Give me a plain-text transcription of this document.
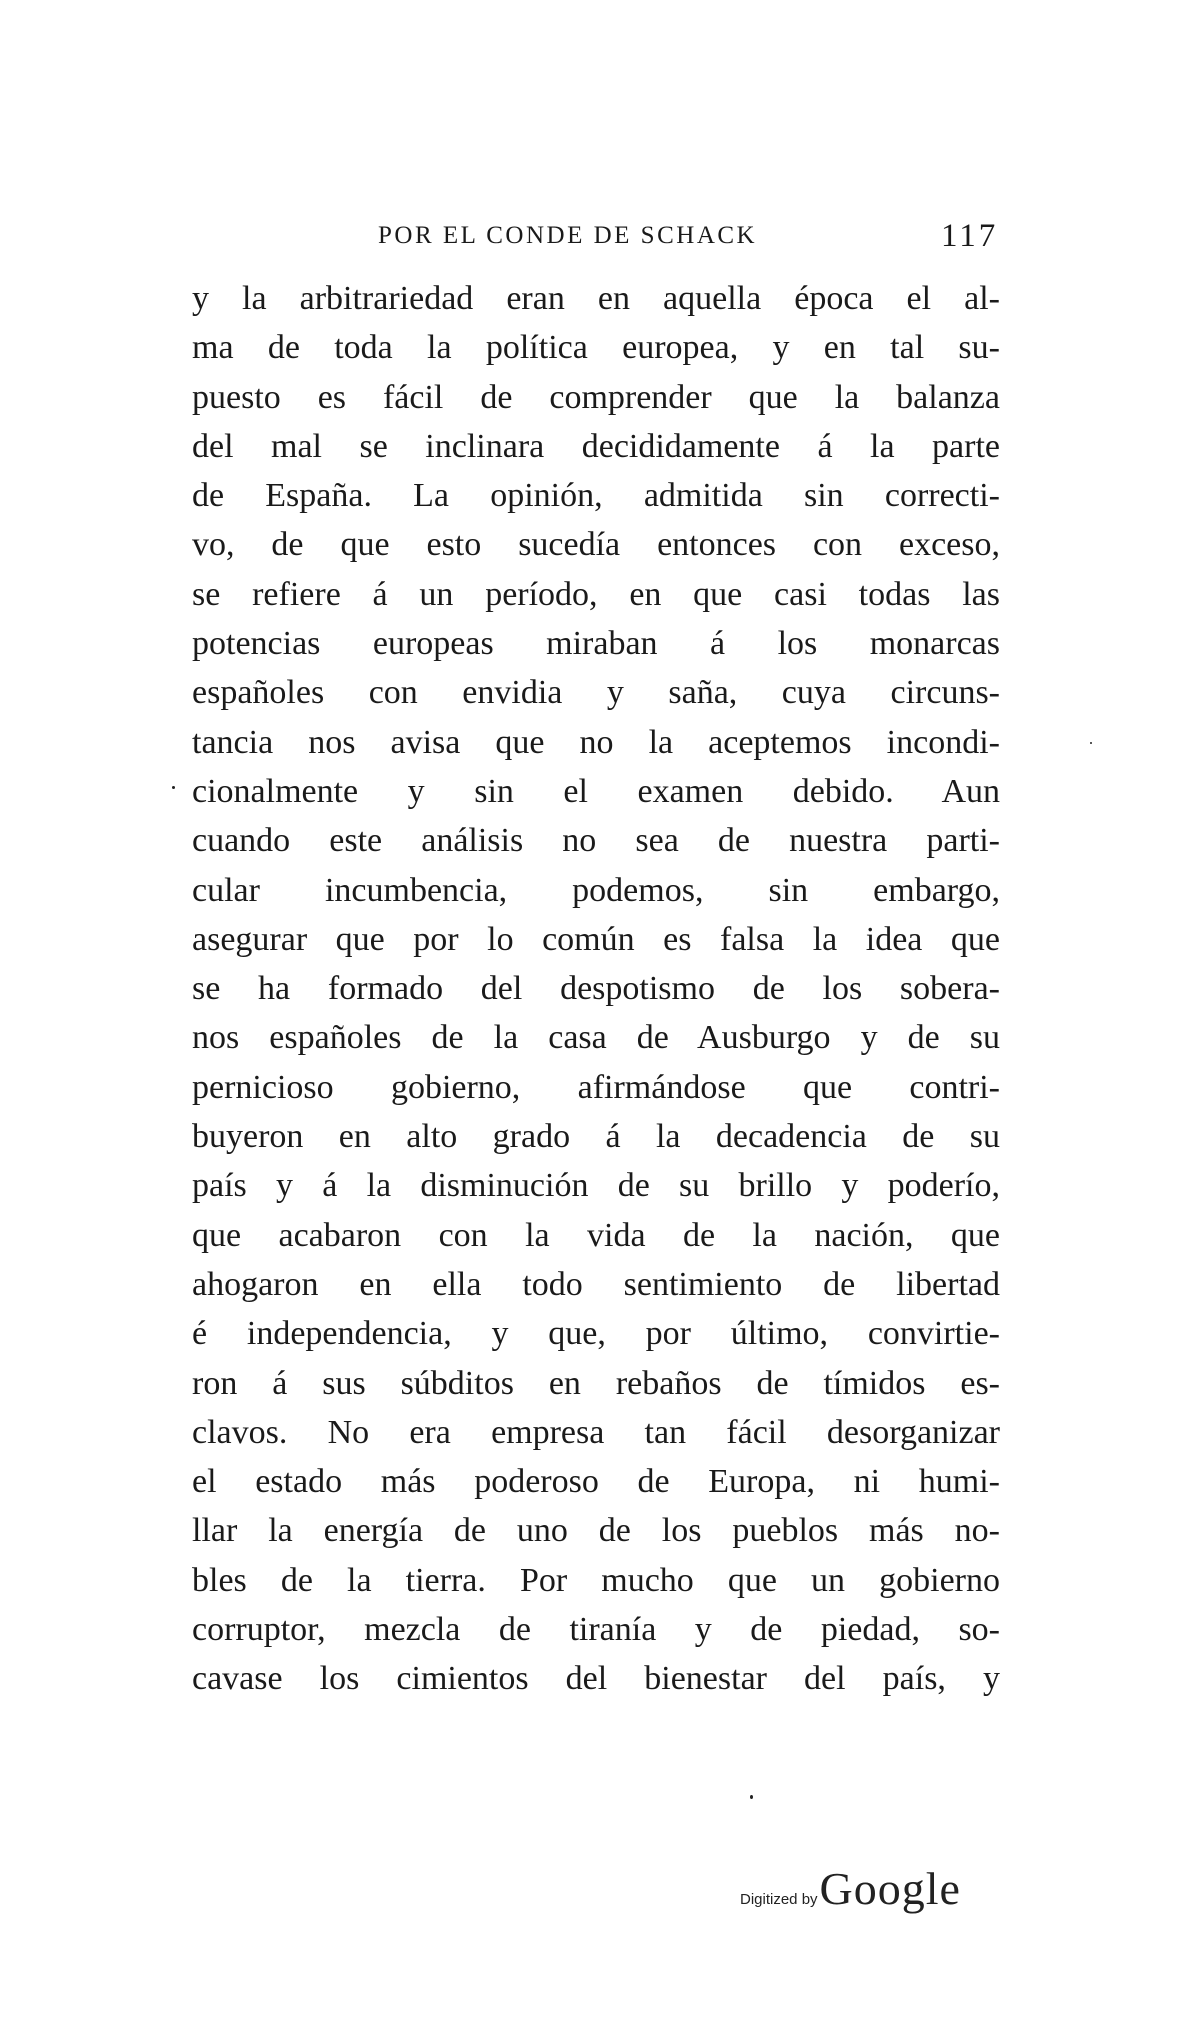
POR EL CONDE DE SCHACK	117
y la arbitrariedad eran en aquella época el al-
ma de toda la política europea, y en tal su-
puesto es fácil de comprender que la balanza
del mal se inclinara decididamente á la parte
de España. La opinión, admitida sin correcti-
vo, de que esto sucedía entonces con exceso,
se refiere á un período, en que casi todas las
potencias europeas miraban á los monarcas
españoles con envidia y saña, cuya circuns-
tancia nos avisa que no la aceptemos incondi-
cionalmente y sin el examen debido. Aun
cuando este análisis no sea de nuestra parti-
cular incumbencia, podemos, sin embargo,
asegurar que por lo común es falsa la idea que
se ha formado del despotismo de los sobera-
nos españoles de la casa de Ausburgo y de su
pernicioso gobierno, afirmándose que contri-
buyeron en alto grado á la decadencia de su
país y á la disminución de su brillo y poderío,
que acabaron con la vida de la nación, que
ahogaron en ella todo sentimiento de libertad
é independencia, y que, por último, convirtie-
ron á sus súbditos en rebaños de tímidos es-
clavos. No era empresa tan fácil desorganizar
el estado más poderoso de Europa, ni humi-
llar la energía de uno de los pueblos más no-
bles de la tierra. Por mucho que un gobierno
corruptor, mezcla de tiranía y de piedad, so-
cavase los cimientos del bienestar del país, y
Digitized by Google
